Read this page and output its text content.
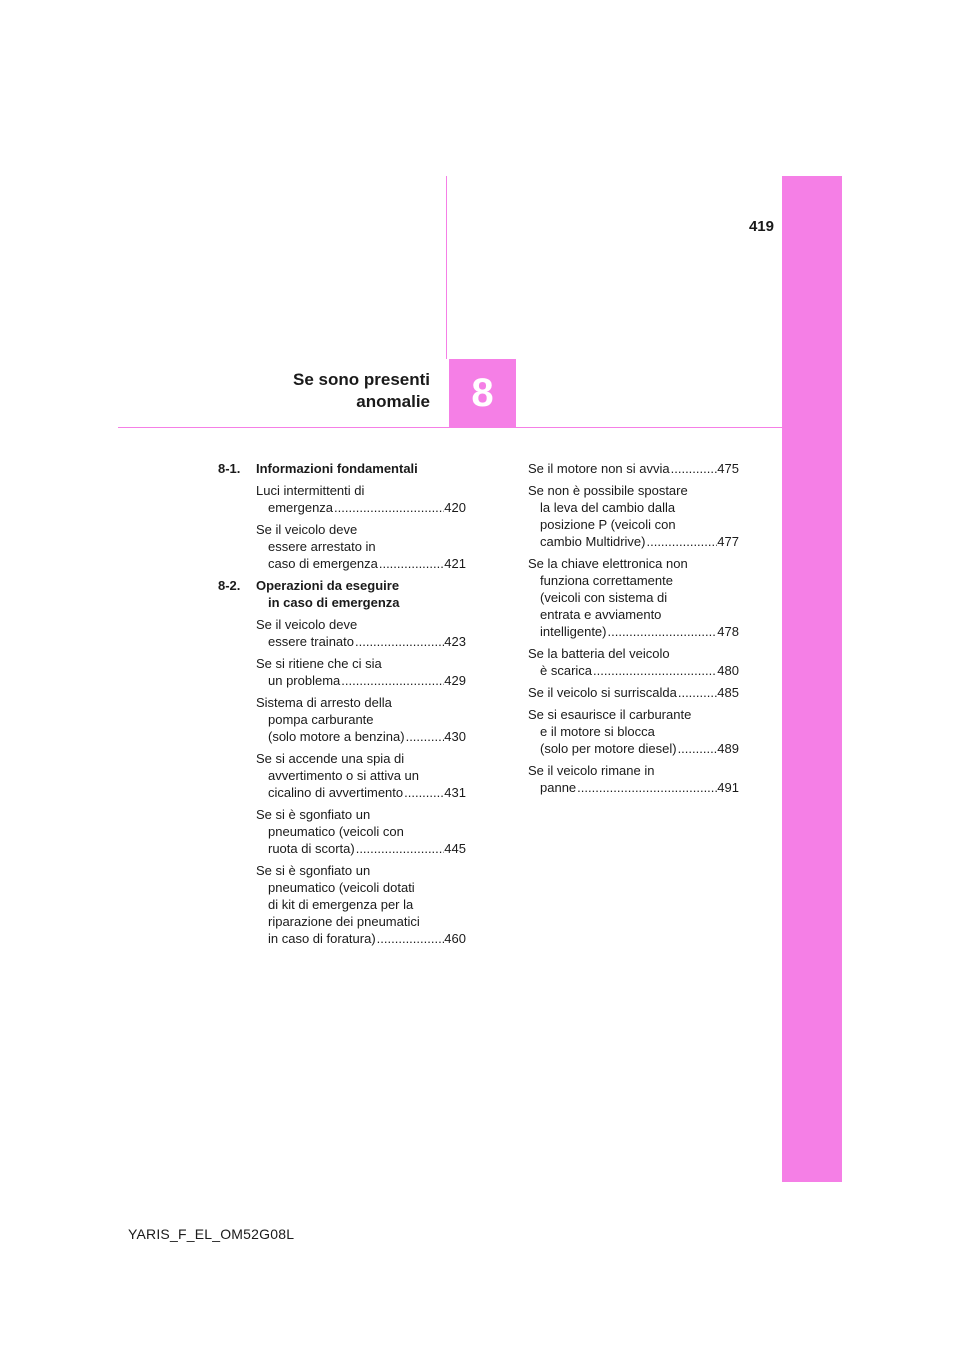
419
Se sono presenti
anomalie	8
8-1. Informazioni fondamentali
Luci intermittenti di
emergenza .....	420
Se il veicolo deve
essere arrestato in
caso di emergenza .....	421
8-2. Operazioni da eseguire
in caso di emergenza
Se il veicolo deve
essere trainato .....	423
Se si ritiene che ci sia
un problema .....	429
Sistema di arresto della
pompa carburante
(solo motore a benzina) .....	430
Se si accende una spia di
avvertimento o si attiva un
cicalino di avvertimento .....	431
Se si è sgonfiato un
pneumatico (veicoli con
ruota di scorta) .....	445
Se si è sgonfiato un
pneumatico (veicoli dotati
di kit di emergenza per la
riparazione dei pneumatici
in caso di foratura) .....	460
Se il motore non si avvia .....	475
Se non è possibile spostare
la leva del cambio dalla
posizione P (veicoli con
cambio Multidrive) .....	477
Se la chiave elettronica non
funziona correttamente
(veicoli con sistema di
entrata e avviamento
intelligente) .....	478
Se la batteria del veicolo
è scarica .....	480
Se il veicolo si surriscalda .....	485
Se si esaurisce il carburante
e il motore si blocca
(solo per motore diesel) .....	489
Se il veicolo rimane in
panne .....	491
YARIS_F_EL_OM52G08L
